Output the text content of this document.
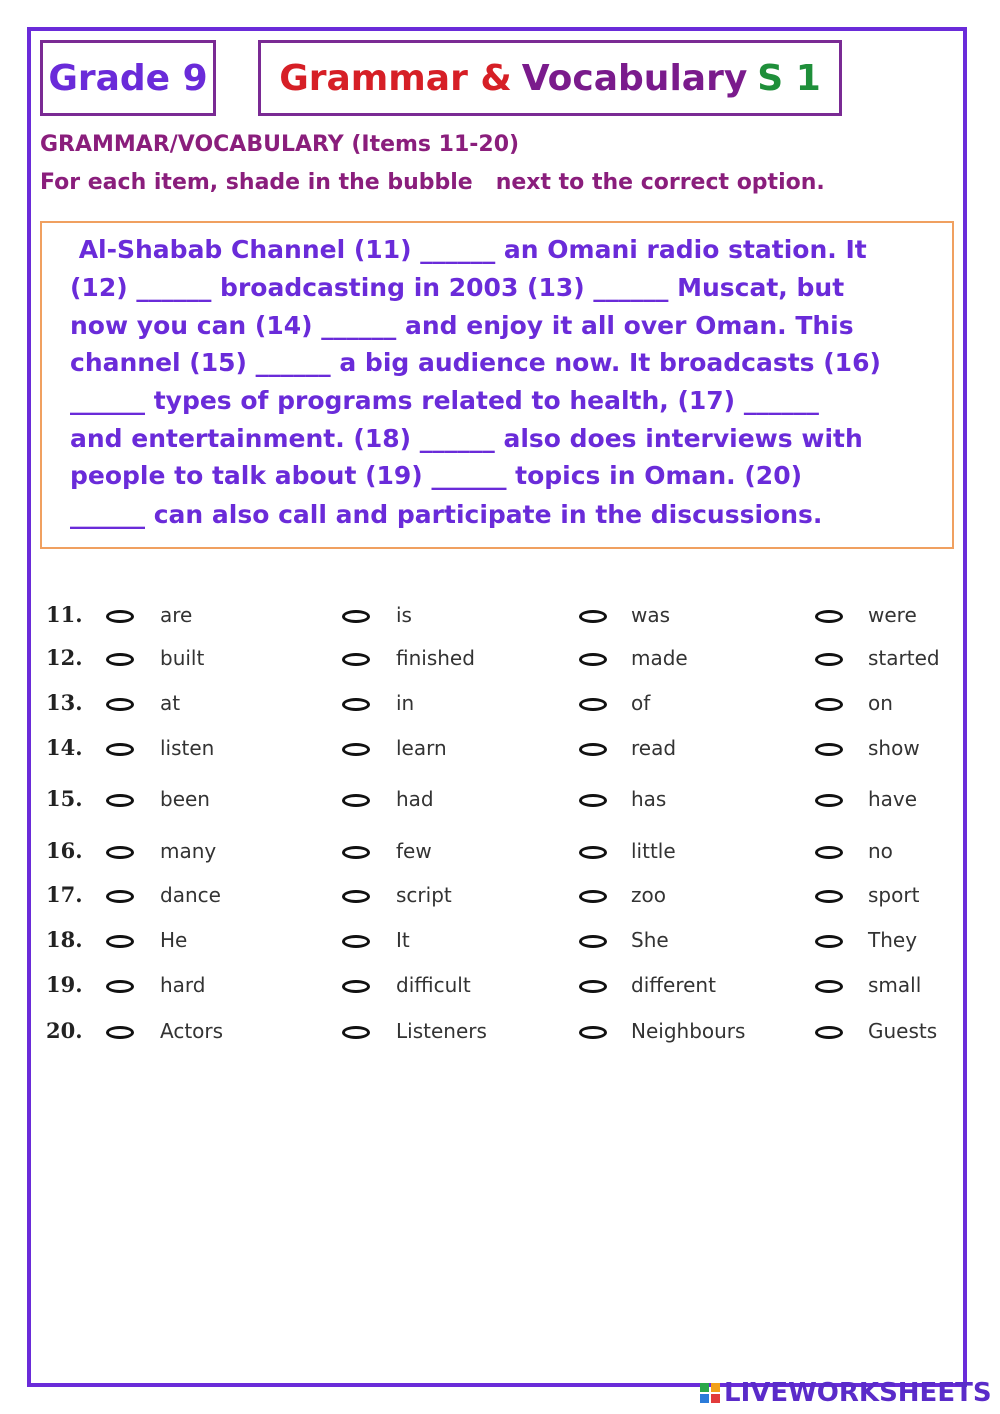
Grade 9 Grammar & Vocabulary S 1
GRAMMAR/VOCABULARY (Items 11-20)
For each item, shade in the bubble   next to the correct option.
Al-Shabab Channel (11) ______ an Omani radio station. It
(12) ______ broadcasting in 2003 (13) ______ Muscat, but
now you can (14) ______ and enjoy it all over Oman. This
channel (15) ______ a big audience now. It broadcasts (16)
______ types of programs related to health, (17) ______
and entertainment. (18) ______ also does interviews with
people to talk about (19) ______ topics in Oman. (20)
______ can also call and participate in the discussions.
11.	are	is	was	were
12.	built	finished	made	started
13.	at	in	of	on
14.	listen	learn	read	show
15.	been	had	has	have
16.	many	few	little	no
17.	dance	script	zoo	sport
18.	He	It	She	They
19.	hard	difficult	different	small
20.	Actors	Listeners	Neighbours	Guests
LIVEWORKSHEETS
